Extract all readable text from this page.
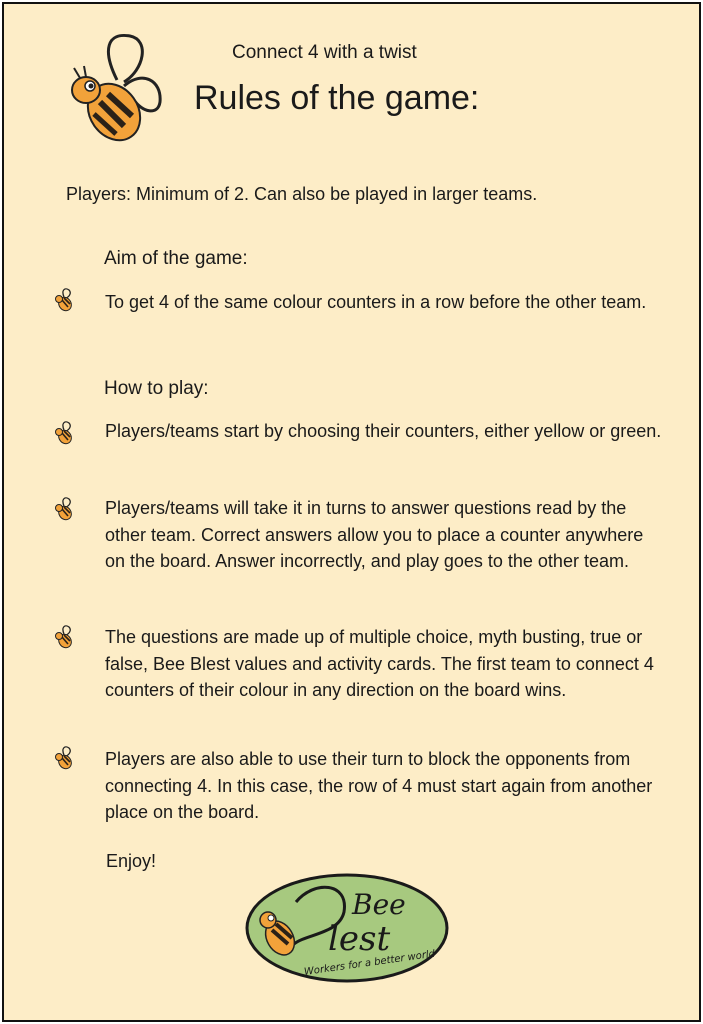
Connect 4 with a twist
Rules of the game:
Players: Minimum of 2. Can also be played in larger teams.
Aim of the game:
To get 4 of the same colour counters in a row before the other team.
How to play:
Players/teams start by choosing their counters, either yellow or green.
Players/teams will take it in turns to answer questions read by the other team. Correct answers allow you to place a counter anywhere on the board. Answer incorrectly, and play goes to the other team.
The questions are made up of multiple choice, myth busting, true or false, Bee Blest values and activity cards. The first team to connect 4 counters of their colour in any direction on the board wins.
Players are also able to use their turn to block the opponents from connecting 4. In this case, the row of 4 must start again from another place on the board.
Enjoy!
Bee
lest
Workers for a better world
